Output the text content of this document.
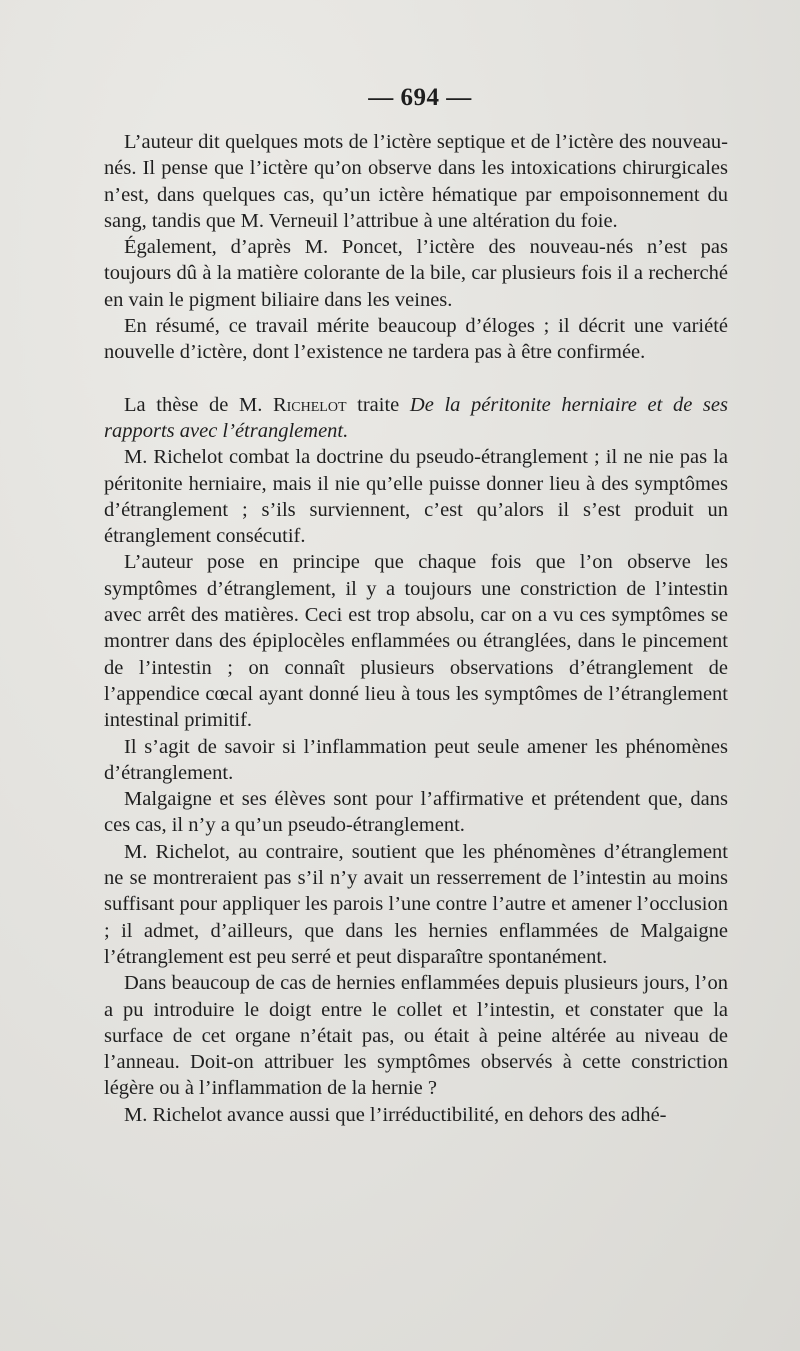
— 694 —

L’auteur dit quelques mots de l’ictère septique et de l’ictère des nouveau-nés. Il pense que l’ictère qu’on observe dans les intoxications chirurgicales n’est, dans quelques cas, qu’un ictère hématique par empoisonnement du sang, tandis que M. Verneuil l’attribue à une altération du foie.

Également, d’après M. Poncet, l’ictère des nouveau-nés n’est pas toujours dû à la matière colorante de la bile, car plusieurs fois il a recherché en vain le pigment biliaire dans les veines.

En résumé, ce travail mérite beaucoup d’éloges ; il décrit une variété nouvelle d’ictère, dont l’existence ne tardera pas à être confirmée.

La thèse de M. Richelot traite De la péritonite herniaire et de ses rapports avec l’étranglement.

M. Richelot combat la doctrine du pseudo-étranglement ; il ne nie pas la péritonite herniaire, mais il nie qu’elle puisse donner lieu à des symptômes d’étranglement ; s’ils surviennent, c’est qu’alors il s’est produit un étranglement consécutif.

L’auteur pose en principe que chaque fois que l’on observe les symptômes d’étranglement, il y a toujours une constriction de l’intestin avec arrêt des matières. Ceci est trop absolu, car on a vu ces symptômes se montrer dans des épiplocèles enflammées ou étranglées, dans le pincement de l’intestin ; on connaît plusieurs observations d’étranglement de l’appendice cœcal ayant donné lieu à tous les symptômes de l’étranglement intestinal primitif.

Il s’agit de savoir si l’inflammation peut seule amener les phénomènes d’étranglement.

Malgaigne et ses élèves sont pour l’affirmative et prétendent que, dans ces cas, il n’y a qu’un pseudo-étranglement.

M. Richelot, au contraire, soutient que les phénomènes d’étranglement ne se montreraient pas s’il n’y avait un resserrement de l’intestin au moins suffisant pour appliquer les parois l’une contre l’autre et amener l’occlusion ; il admet, d’ailleurs, que dans les hernies enflammées de Malgaigne l’étranglement est peu serré et peut disparaître spontanément.

Dans beaucoup de cas de hernies enflammées depuis plusieurs jours, l’on a pu introduire le doigt entre le collet et l’intestin, et constater que la surface de cet organe n’était pas, ou était à peine altérée au niveau de l’anneau. Doit-on attribuer les symptômes observés à cette constriction légère ou à l’inflammation de la hernie ?

M. Richelot avance aussi que l’irréductibilité, en dehors des adhé-
